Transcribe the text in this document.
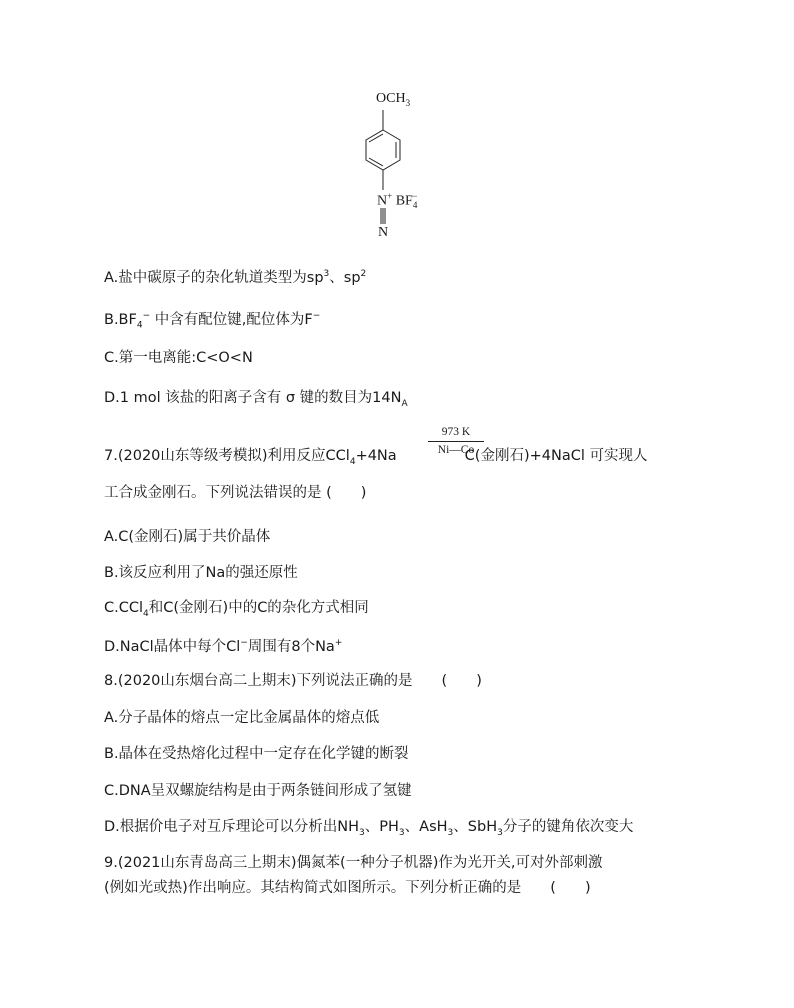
$OCH_3$
N+ $BF_4^-$
N
A.盐中碳原子的杂化轨道类型为$sp^3$、$sp^2$
$B.BF_4^-$ 中含有配位键,配位体为F−
C.第一电离能:C<O<N
D.1 mol 该盐的阳离子含有 σ 键的数目为$14N_A$
7.(2020山东等级考模拟)利用反应CCl$_4$+4Na	C(金刚石)+4NaCl 可实现人
973 K
Ni—Co
工合成金刚石。下列说法错误的是 (　　)
A.C(金刚石)属于共价晶体
B.该反应利用了Na的强还原性
C.CCl$_4$和C(金刚石)中的C的杂化方式相同
D.NaCl晶体中每个Cl−周围有8个Na+
8.(2020山东烟台高二上期末)下列说法正确的是　　(　　)
A.分子晶体的熔点一定比金属晶体的熔点低
B.晶体在受热熔化过程中一定存在化学键的断裂
C.DNA呈双螺旋结构是由于两条链间形成了氢键
D.根据价电子对互斥理论可以分析出$NH_3$、$PH_3$、AsH$_3$、SbH$_3$分子的键角依次变大
9.(2021山东青岛高三上期末)偶氮苯(一种分子机器)作为光开关,可对外部刺激
(例如光或热)作出响应。其结构简式如图所示。下列分析正确的是　　(　　)
